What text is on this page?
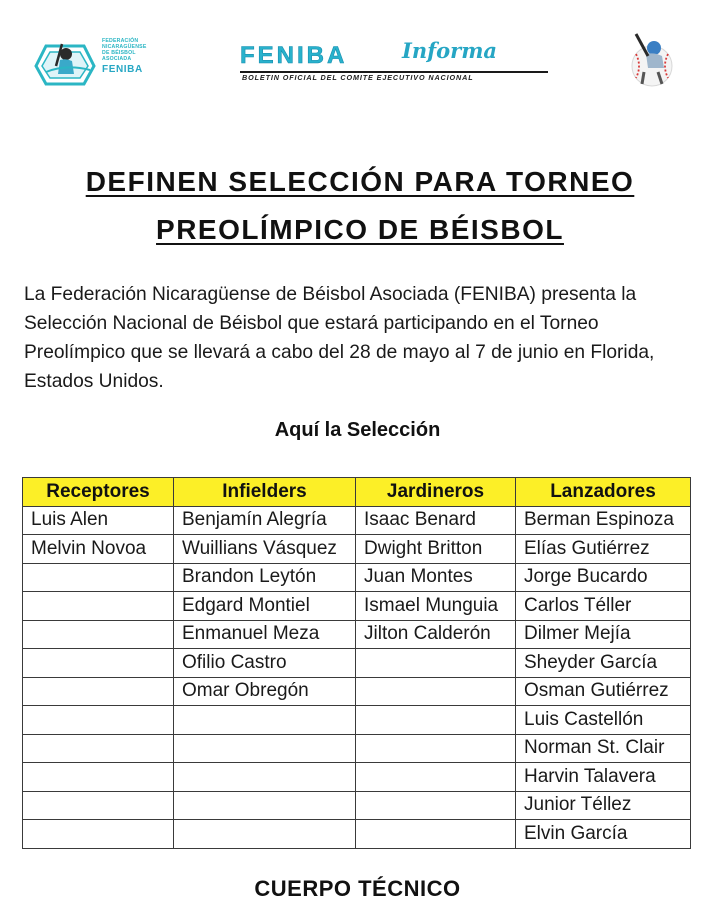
FEDERACIÓN
NICARAGÜENSE
DE BÉISBOL
ASOCIADA
FENIBA
FENIBA	Informa
BOLETIN OFICIAL DEL COMITE EJECUTIVO NACIONAL
DEFINEN SELECCIÓN PARA TORNEO
PREOLÍMPICO DE BÉISBOL
La Federación Nicaragüense de Béisbol Asociada (FENIBA) presenta la Selección Nacional de Béisbol que estará participando en el Torneo Preolímpico que se llevará a cabo del 28 de mayo al 7 de junio en Florida, Estados Unidos.
Aquí la Selección
Receptores	Infielders	Jardineros	Lanzadores
Luis Alen	Benjamín Alegría	Isaac Benard	Berman Espinoza
Melvin Novoa	Wuillians Vásquez	Dwight Britton	Elías Gutiérrez
	Brandon Leytón	Juan Montes	Jorge Bucardo
	Edgard Montiel	Ismael Munguia	Carlos Téller
	Enmanuel Meza	Jilton Calderón	Dilmer Mejía
	Ofilio Castro		Sheyder García
	Omar Obregón		Osman Gutiérrez
			Luis Castellón
			Norman St. Clair
			Harvin Talavera
			Junior Téllez
			Elvin García
CUERPO TÉCNICO
